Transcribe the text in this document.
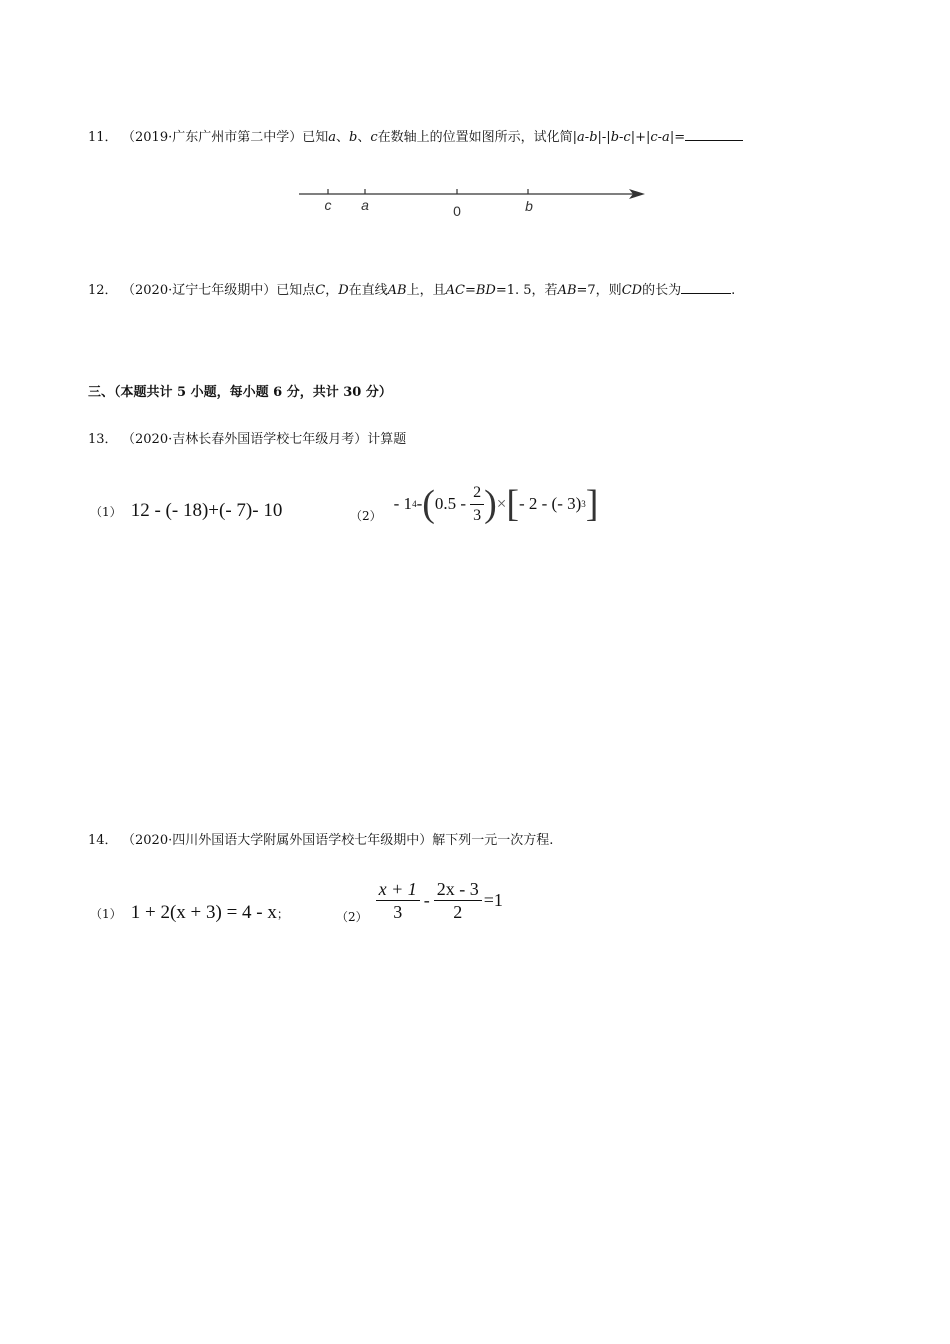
11． （2019·广东广州市第二中学）已知a、b、c在数轴上的位置如图所示，试化简|a-b|-|b-c|+|c-a|=
c a	0	b
12． （2020·辽宁七年级期中）已知点C，D在直线AB上，且AC=BD=1. 5，若AB=7，则CD的长为	.
三、（本题共计 5 小题，每小题 6 分，共计 30 分）
13． （2020·吉林长春外国语学校七年级月考）计算题
（1） 12 - (- 18)+(- 7)- 10	（2）
- 1 4 - ( $0.5 - \frac{2}{3}$ ) × [ - 2 - (- 3) 3 ]
14． （2020·四川外国语大学附属外国语学校七年级期中）解下列一元一次方程.
（1） 1 + 2(x + 3) = 4 - x；	$(2) \frac{x + 1}{3} - \frac{2x - 3}{2} =1$
